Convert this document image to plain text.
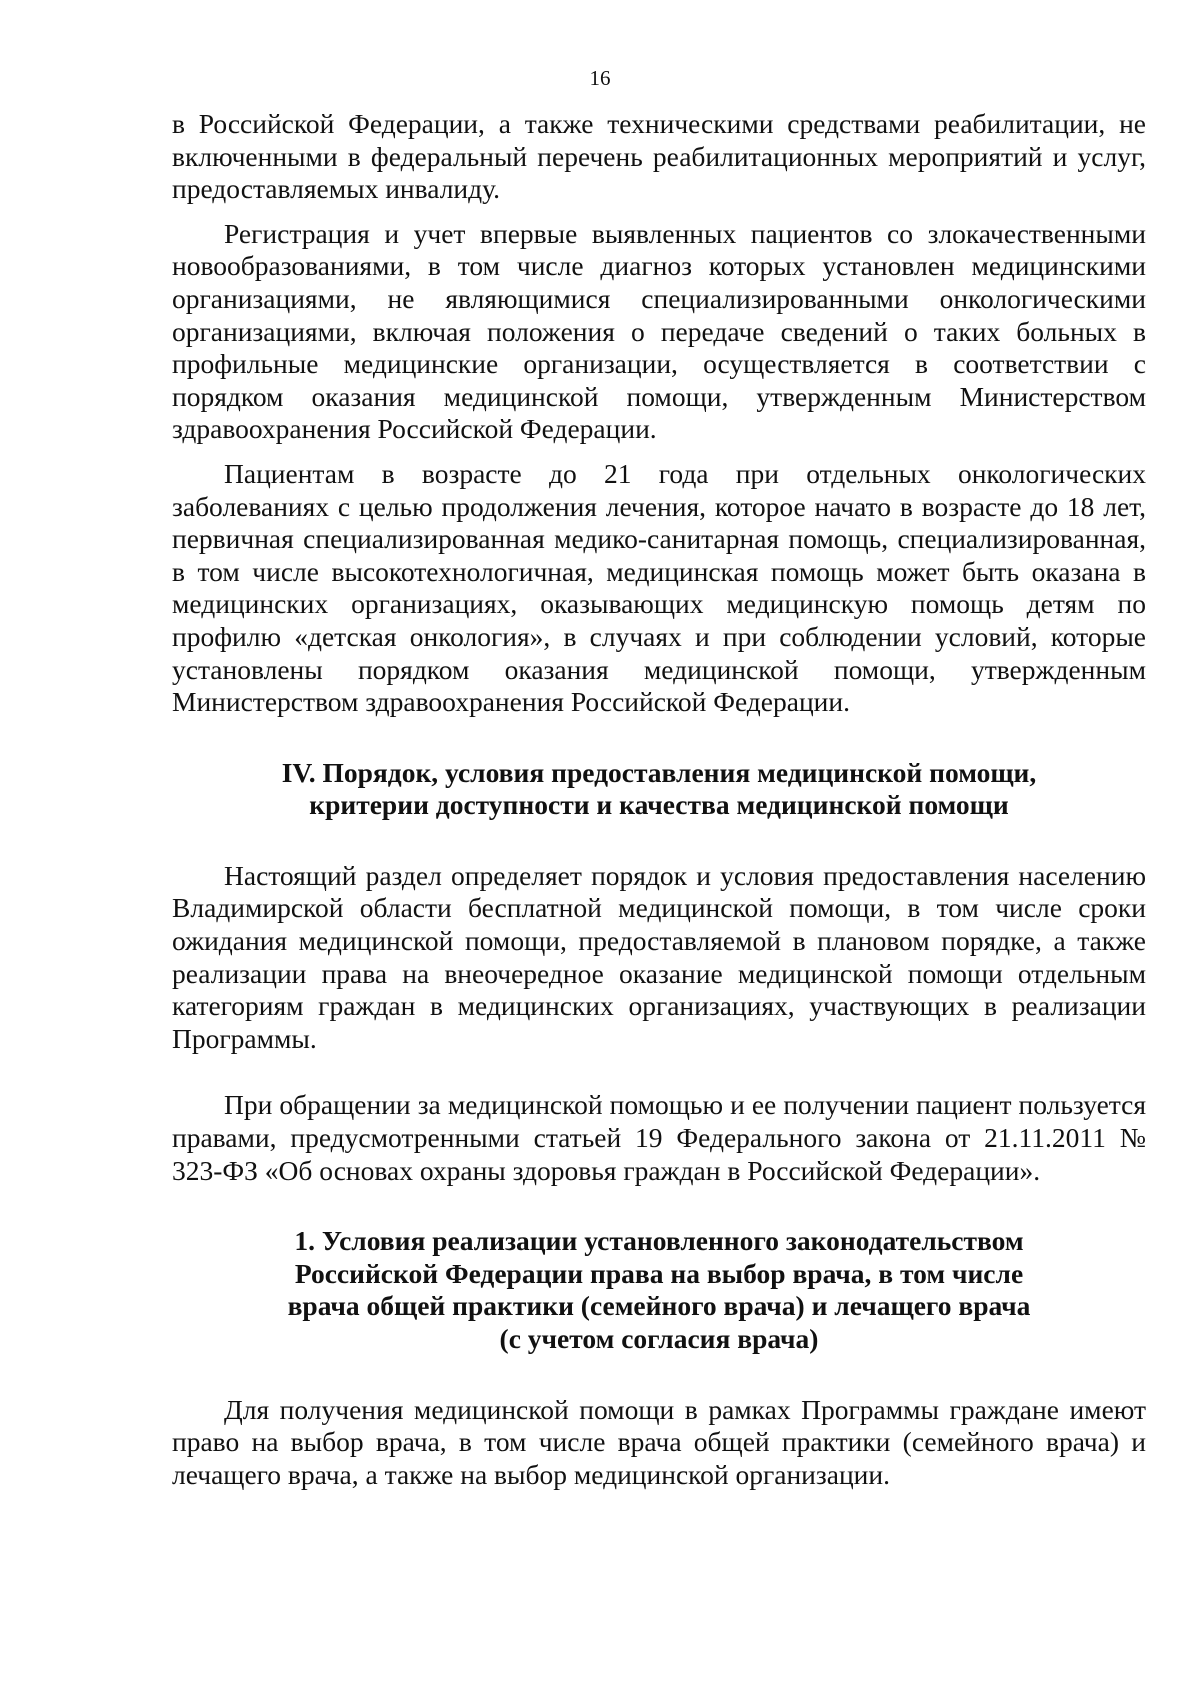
16

в Российской Федерации, а также техническими средствами реабилитации, не включенными в федеральный перечень реабилитационных мероприятий и услуг, предоставляемых инвалиду.

Регистрация и учет впервые выявленных пациентов со злокачественными новообразованиями, в том числе диагноз которых установлен медицинскими организациями, не являющимися специализированными онкологическими организациями, включая положения о передаче сведений о таких больных в профильные медицинские организации, осуществляется в соответствии с порядком оказания медицинской помощи, утвержденным Министерством здравоохранения Российской Федерации.

Пациентам в возрасте до 21 года при отдельных онкологических заболеваниях с целью продолжения лечения, которое начато в возрасте до 18 лет, первичная специализированная медико-санитарная помощь, специализированная, в том числе высокотехнологичная, медицинская помощь может быть оказана в медицинских организациях, оказывающих медицинскую помощь детям по профилю «детская онкология», в случаях и при соблюдении условий, которые установлены порядком оказания медицинской помощи, утвержденным Министерством здравоохранения Российской Федерации.

IV. Порядок, условия предоставления медицинской помощи,
критерии доступности и качества медицинской помощи

Настоящий раздел определяет порядок и условия предоставления населению Владимирской области бесплатной медицинской помощи, в том числе сроки ожидания медицинской помощи, предоставляемой в плановом порядке, а также реализации права на внеочередное оказание медицинской помощи отдельным категориям граждан в медицинских организациях, участвующих в реализации Программы.

При обращении за медицинской помощью и ее получении пациент пользуется правами, предусмотренными статьей 19 Федерального закона от 21.11.2011 № 323-ФЗ «Об основах охраны здоровья граждан в Российской Федерации».

1. Условия реализации установленного законодательством
Российской Федерации права на выбор врача, в том числе
врача общей практики (семейного врача) и лечащего врача
(с учетом согласия врача)

Для получения медицинской помощи в рамках Программы граждане имеют право на выбор врача, в том числе врача общей практики (семейного врача) и лечащего врача, а также на выбор медицинской организации.
